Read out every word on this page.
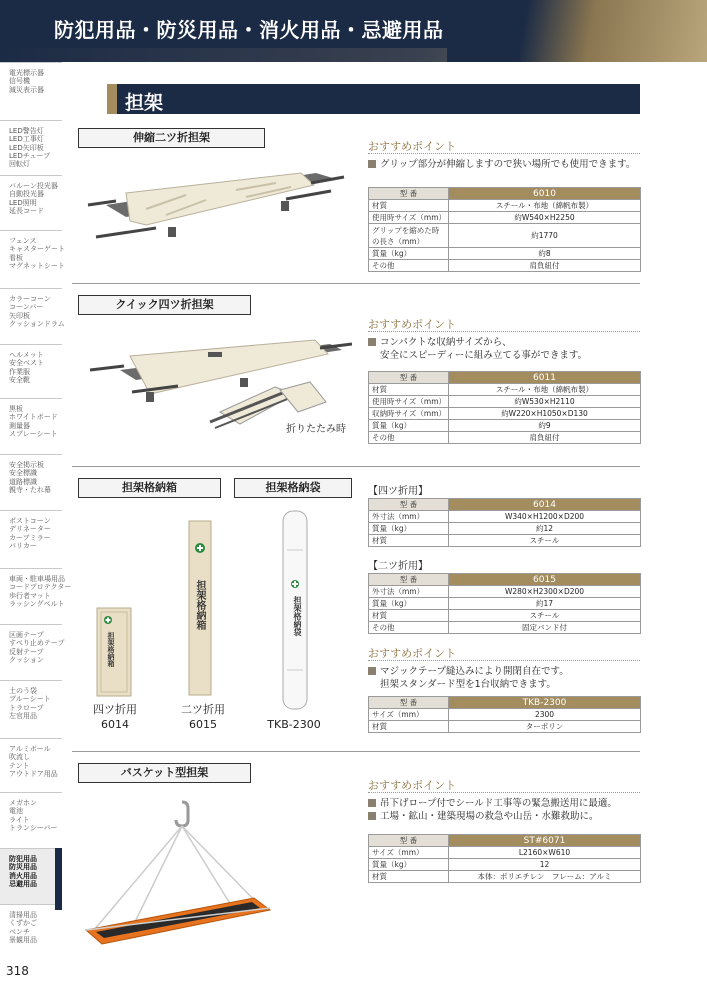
防犯用品・防災用品・消火用品・忌避用品
電光標示器
信号機
減災表示器
LED警告灯
LED工事灯
LED矢印板
LEDチューブ
回転灯
バルーン投光器
自動投光器
LED照明
延長コード
フェンス
キャスターゲート
看板
マグネットシート
カラーコーン
コーンバー
矢印板
クッションドラム
ヘルメット
安全ベスト
作業服
安全靴
黒板
ホワイトボード
測量器
スプレーシート
安全掲示板
安全標識
道路標識
親寺・たれ幕
ポストコーン
デリネーター
カーブミラー
バリカー
車両・駐車場用品
コードプロテクター
歩行者マット
ラッシングベルト
区画テープ
すべり止めテープ
反射テープ
クッション
土のう袋
ブルーシート
トラロープ
左官用品
アルミボール
吹流し
テント
アウトドア用品
メガホン
電池
ライト
トランシーバー
防犯用品
防災用品
消火用品
忌避用品
清掃用品
くずかご
ベンチ
景観用品
318
担架
伸縮二ツ折担架
おすすめポイント
グリップ部分が伸縮しますので狭い場所でも使用できます。
型 番	6010
材質	スチール・布地（綿帆布製）
使用時サイズ（mm）	約W540×H2250
グリップを縮めた時の長さ（mm）	約1770
質量（kg）	約8
その他	肩負紐付
クイック四ツ折担架
折りたたみ時
おすすめポイント
コンパクトな収納サイズから、
安全にスピーディーに組み立てる事ができます。
型 番	6011
材質	スチール・布地（綿帆布製）
使用時サイズ（mm）	約W530×H2110
収納時サイズ（mm）	約W220×H1050×D130
質量（kg）	約9
その他	肩負紐付
担架格納箱	担架格納袋
担架格納箱
担架格納箱	担架格納袋
四ツ折用
6014
二ツ折用
6015	TKB-2300
【四ツ折用】
型 番	6014
外寸法（mm）	W340×H1200×D200
質量（kg）	約12
材質	スチール
【二ツ折用】
型 番	6015
外寸法（mm）	W280×H2300×D200
質量（kg）	約17
材質	スチール
その他	固定バンド付
おすすめポイント
マジックテープ縫込みにより開閉自在です。
担架スタンダード型を1台収納できます。
型 番	TKB-2300
サイズ（mm）	2300
材質	ターポリン
バスケット型担架
おすすめポイント
吊下げロープ付でシールド工事等の緊急搬送用に最適。
工場・鉱山・建築現場の救急や山岳・水難救助に。
型 番	ST#6071
サイズ（mm）	L2160×W610
質量（kg）	12
材質	本体：ポリエチレン　フレーム：アルミ
